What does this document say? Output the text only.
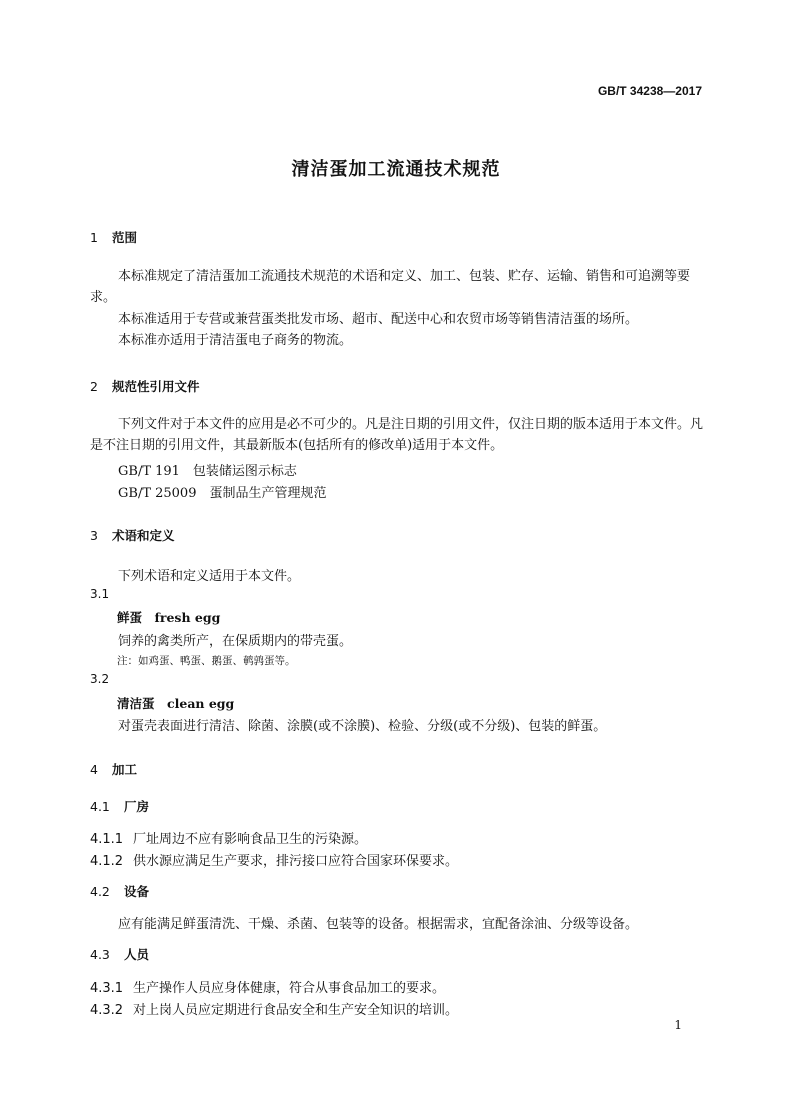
GB/T 34238—2017
清洁蛋加工流通技术规范
1 范围
本标准规定了清洁蛋加工流通技术规范的术语和定义、加工、包装、贮存、运输、销售和可追溯等要求。
本标准适用于专营或兼营蛋类批发市场、超市、配送中心和农贸市场等销售清洁蛋的场所。
本标准亦适用于清洁蛋电子商务的物流。
2 规范性引用文件
下列文件对于本文件的应用是必不可少的。凡是注日期的引用文件，仅注日期的版本适用于本文件。凡是不注日期的引用文件，其最新版本(包括所有的修改单)适用于本文件。
GB/T 191　包装储运图示标志
GB/T 25009　蛋制品生产管理规范
3 术语和定义
下列术语和定义适用于本文件。
3.1
鲜蛋　fresh egg
饲养的禽类所产，在保质期内的带壳蛋。
注：如鸡蛋、鸭蛋、鹅蛋、鹌鹑蛋等。
3.2
清洁蛋　clean egg
对蛋壳表面进行清洁、除菌、涂膜(或不涂膜)、检验、分级(或不分级)、包装的鲜蛋。
4 加工
4.1 厂房
4.1.1 厂址周边不应有影响食品卫生的污染源。
4.1.2 供水源应满足生产要求，排污接口应符合国家环保要求。
4.2 设备
应有能满足鲜蛋清洗、干燥、杀菌、包装等的设备。根据需求，宜配备涂油、分级等设备。
4.3 人员
4.3.1 生产操作人员应身体健康，符合从事食品加工的要求。
4.3.2 对上岗人员应定期进行食品安全和生产安全知识的培训。
1
